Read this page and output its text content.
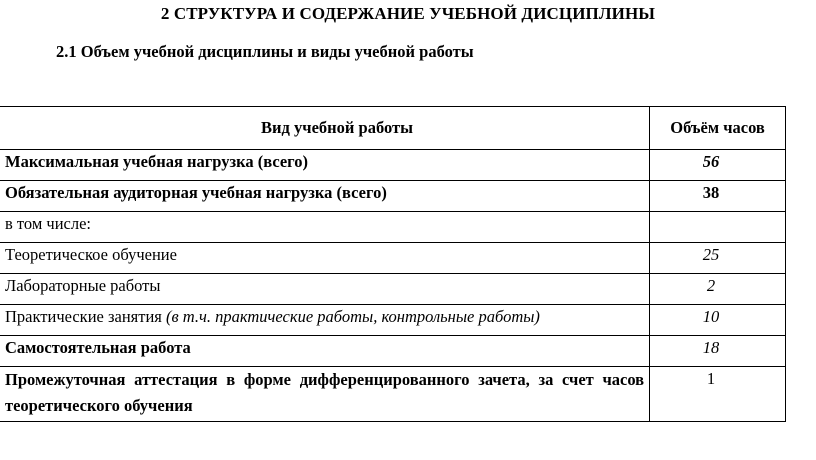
2 СТРУКТУРА И СОДЕРЖАНИЕ УЧЕБНОЙ ДИСЦИПЛИНЫ
2.1 Объем учебной дисциплины и виды учебной работы
Вид учебной работы	Объём часов
Максимальная учебная нагрузка (всего)	56
Обязательная аудиторная учебная нагрузка (всего)	38
в том числе:	
Теоретическое обучение	25
Лабораторные работы	2
Практические занятия (в т.ч. практические работы, контрольные работы)	10
Самостоятельная работа	18
Промежуточная аттестация в форме дифференцированного зачета, за счет часов теоретического обучения	1
